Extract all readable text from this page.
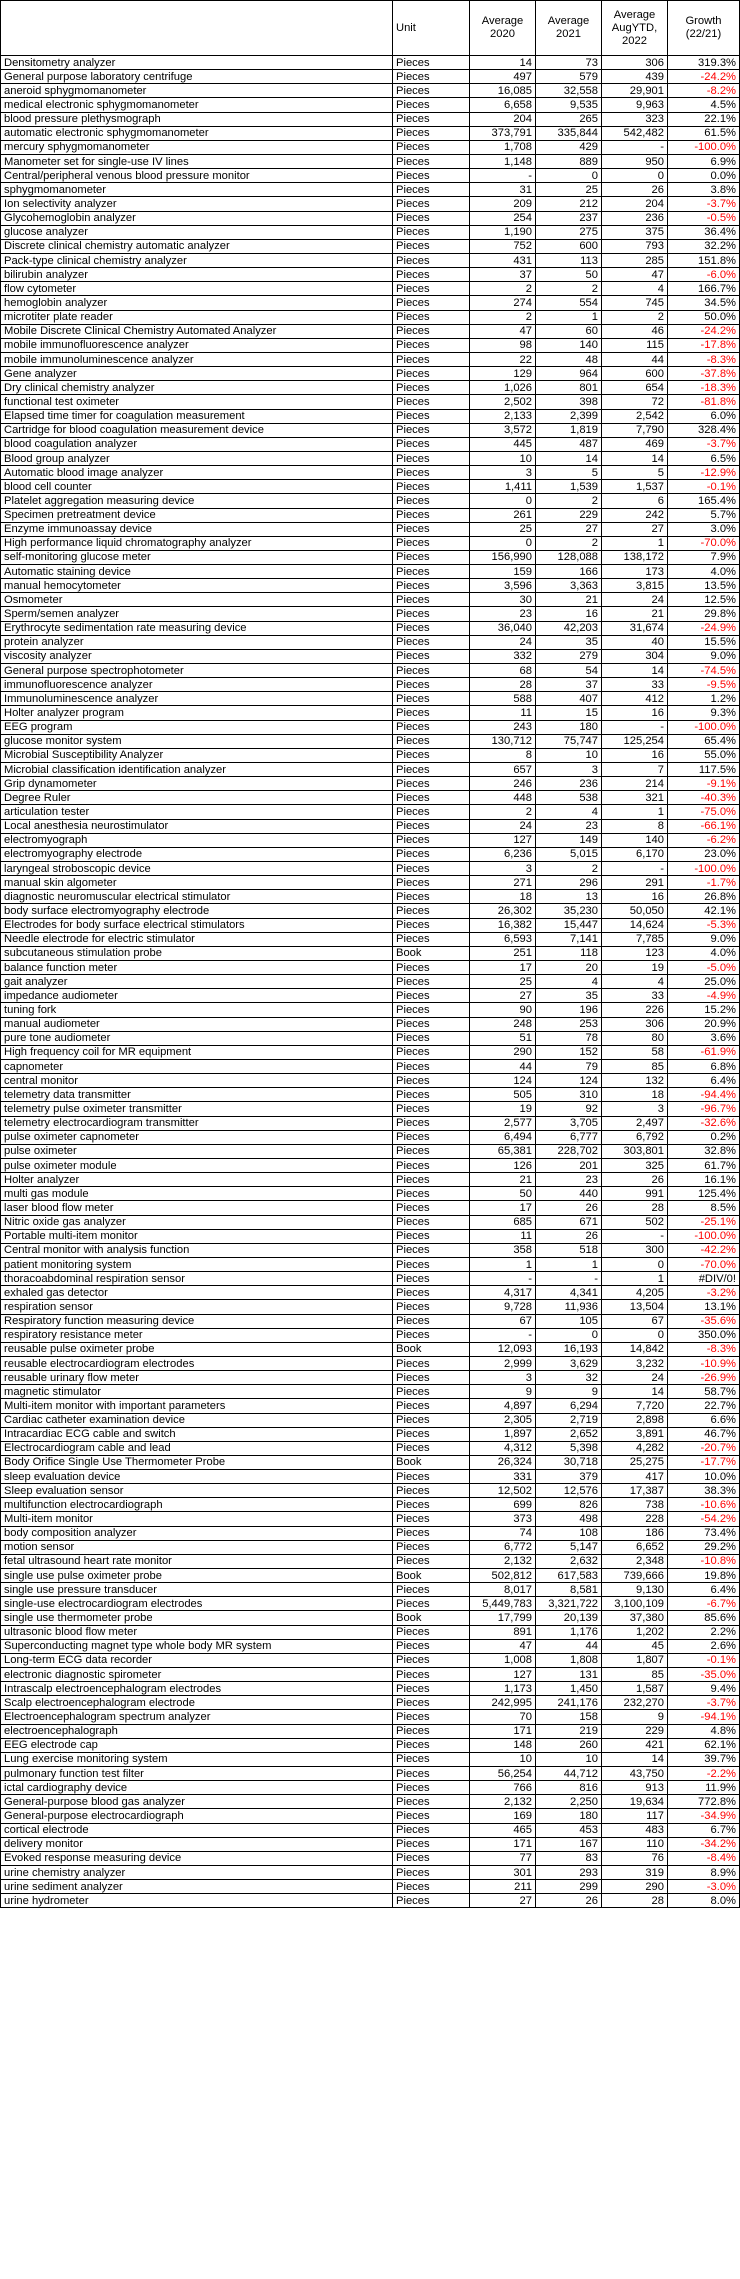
	Unit	Average 2020	Average 2021	Average AugYTD, 2022	Growth (22/21)
Densitometry analyzer	Pieces	14	73	306	319.3%
General purpose laboratory centrifuge	Pieces	497	579	439	-24.2%
aneroid sphygmomanometer	Pieces	16,085	32,558	29,901	-8.2%
medical electronic sphygmomanometer	Pieces	6,658	9,535	9,963	4.5%
blood pressure plethysmograph	Pieces	204	265	323	22.1%
automatic electronic sphygmomanometer	Pieces	373,791	335,844	542,482	61.5%
mercury sphygmomanometer	Pieces	1,708	429	-	-100.0%
Manometer set for single-use IV lines	Pieces	1,148	889	950	6.9%
Central/peripheral venous blood pressure monitor	Pieces	-	0	0	0.0%
sphygmomanometer	Pieces	31	25	26	3.8%
Ion selectivity analyzer	Pieces	209	212	204	-3.7%
Glycohemoglobin analyzer	Pieces	254	237	236	-0.5%
glucose analyzer	Pieces	1,190	275	375	36.4%
Discrete clinical chemistry automatic analyzer	Pieces	752	600	793	32.2%
Pack-type clinical chemistry analyzer	Pieces	431	113	285	151.8%
bilirubin analyzer	Pieces	37	50	47	-6.0%
flow cytometer	Pieces	2	2	4	166.7%
hemoglobin analyzer	Pieces	274	554	745	34.5%
microtiter plate reader	Pieces	2	1	2	50.0%
Mobile Discrete Clinical Chemistry Automated Analyzer	Pieces	47	60	46	-24.2%
mobile immunofluorescence analyzer	Pieces	98	140	115	-17.8%
mobile immunoluminescence analyzer	Pieces	22	48	44	-8.3%
Gene analyzer	Pieces	129	964	600	-37.8%
Dry clinical chemistry analyzer	Pieces	1,026	801	654	-18.3%
functional test oximeter	Pieces	2,502	398	72	-81.8%
Elapsed time timer for coagulation measurement	Pieces	2,133	2,399	2,542	6.0%
Cartridge for blood coagulation measurement device	Pieces	3,572	1,819	7,790	328.4%
blood coagulation analyzer	Pieces	445	487	469	-3.7%
Blood group analyzer	Pieces	10	14	14	6.5%
Automatic blood image analyzer	Pieces	3	5	5	-12.9%
blood cell counter	Pieces	1,411	1,539	1,537	-0.1%
Platelet aggregation measuring device	Pieces	0	2	6	165.4%
Specimen pretreatment device	Pieces	261	229	242	5.7%
Enzyme immunoassay device	Pieces	25	27	27	3.0%
High performance liquid chromatography analyzer	Pieces	0	2	1	-70.0%
self-monitoring glucose meter	Pieces	156,990	128,088	138,172	7.9%
Automatic staining device	Pieces	159	166	173	4.0%
manual hemocytometer	Pieces	3,596	3,363	3,815	13.5%
Osmometer	Pieces	30	21	24	12.5%
Sperm/semen analyzer	Pieces	23	16	21	29.8%
Erythrocyte sedimentation rate measuring device	Pieces	36,040	42,203	31,674	-24.9%
protein analyzer	Pieces	24	35	40	15.5%
viscosity analyzer	Pieces	332	279	304	9.0%
General purpose spectrophotometer	Pieces	68	54	14	-74.5%
immunofluorescence analyzer	Pieces	28	37	33	-9.5%
Immunoluminescence analyzer	Pieces	588	407	412	1.2%
Holter analyzer program	Pieces	11	15	16	9.3%
EEG program	Pieces	243	180	-	-100.0%
glucose monitor system	Pieces	130,712	75,747	125,254	65.4%
Microbial Susceptibility Analyzer	Pieces	8	10	16	55.0%
Microbial classification identification analyzer	Pieces	657	3	7	117.5%
Grip dynamometer	Pieces	246	236	214	-9.1%
Degree Ruler	Pieces	448	538	321	-40.3%
articulation tester	Pieces	2	4	1	-75.0%
Local anesthesia neurostimulator	Pieces	24	23	8	-66.1%
electromyograph	Pieces	127	149	140	-6.2%
electromyography electrode	Pieces	6,236	5,015	6,170	23.0%
laryngeal stroboscopic device	Pieces	3	2	-	-100.0%
manual skin algometer	Pieces	271	296	291	-1.7%
diagnostic neuromuscular electrical stimulator	Pieces	18	13	16	26.8%
body surface electromyography electrode	Pieces	26,302	35,230	50,050	42.1%
Electrodes for body surface electrical stimulators	Pieces	16,382	15,447	14,624	-5.3%
Needle electrode for electric stimulator	Pieces	6,593	7,141	7,785	9.0%
subcutaneous stimulation probe	Book	251	118	123	4.0%
balance function meter	Pieces	17	20	19	-5.0%
gait analyzer	Pieces	25	4	4	25.0%
impedance audiometer	Pieces	27	35	33	-4.9%
tuning fork	Pieces	90	196	226	15.2%
manual audiometer	Pieces	248	253	306	20.9%
pure tone audiometer	Pieces	51	78	80	3.6%
High frequency coil for MR equipment	Pieces	290	152	58	-61.9%
capnometer	Pieces	44	79	85	6.8%
central monitor	Pieces	124	124	132	6.4%
telemetry data transmitter	Pieces	505	310	18	-94.4%
telemetry pulse oximeter transmitter	Pieces	19	92	3	-96.7%
telemetry electrocardiogram transmitter	Pieces	2,577	3,705	2,497	-32.6%
pulse oximeter capnometer	Pieces	6,494	6,777	6,792	0.2%
pulse oximeter	Pieces	65,381	228,702	303,801	32.8%
pulse oximeter module	Pieces	126	201	325	61.7%
Holter analyzer	Pieces	21	23	26	16.1%
multi gas module	Pieces	50	440	991	125.4%
laser blood flow meter	Pieces	17	26	28	8.5%
Nitric oxide gas analyzer	Pieces	685	671	502	-25.1%
Portable multi-item monitor	Pieces	11	26	-	-100.0%
Central monitor with analysis function	Pieces	358	518	300	-42.2%
patient monitoring system	Pieces	1	1	0	-70.0%
thoracoabdominal respiration sensor	Pieces	-	-	1	#DIV/0!
exhaled gas detector	Pieces	4,317	4,341	4,205	-3.2%
respiration sensor	Pieces	9,728	11,936	13,504	13.1%
Respiratory function measuring device	Pieces	67	105	67	-35.6%
respiratory resistance meter	Pieces	-	0	0	350.0%
reusable pulse oximeter probe	Book	12,093	16,193	14,842	-8.3%
reusable electrocardiogram electrodes	Pieces	2,999	3,629	3,232	-10.9%
reusable urinary flow meter	Pieces	3	32	24	-26.9%
magnetic stimulator	Pieces	9	9	14	58.7%
Multi-item monitor with important parameters	Pieces	4,897	6,294	7,720	22.7%
Cardiac catheter examination device	Pieces	2,305	2,719	2,898	6.6%
Intracardiac ECG cable and switch	Pieces	1,897	2,652	3,891	46.7%
Electrocardiogram cable and lead	Pieces	4,312	5,398	4,282	-20.7%
Body Orifice Single Use Thermometer Probe	Book	26,324	30,718	25,275	-17.7%
sleep evaluation device	Pieces	331	379	417	10.0%
Sleep evaluation sensor	Pieces	12,502	12,576	17,387	38.3%
multifunction electrocardiograph	Pieces	699	826	738	-10.6%
Multi-item monitor	Pieces	373	498	228	-54.2%
body composition analyzer	Pieces	74	108	186	73.4%
motion sensor	Pieces	6,772	5,147	6,652	29.2%
fetal ultrasound heart rate monitor	Pieces	2,132	2,632	2,348	-10.8%
single use pulse oximeter probe	Book	502,812	617,583	739,666	19.8%
single use pressure transducer	Pieces	8,017	8,581	9,130	6.4%
single-use electrocardiogram electrodes	Pieces	5,449,783	3,321,722	3,100,109	-6.7%
single use thermometer probe	Book	17,799	20,139	37,380	85.6%
ultrasonic blood flow meter	Pieces	891	1,176	1,202	2.2%
Superconducting magnet type whole body MR system	Pieces	47	44	45	2.6%
Long-term ECG data recorder	Pieces	1,008	1,808	1,807	-0.1%
electronic diagnostic spirometer	Pieces	127	131	85	-35.0%
Intrascalp electroencephalogram electrodes	Pieces	1,173	1,450	1,587	9.4%
Scalp electroencephalogram electrode	Pieces	242,995	241,176	232,270	-3.7%
Electroencephalogram spectrum analyzer	Pieces	70	158	9	-94.1%
electroencephalograph	Pieces	171	219	229	4.8%
EEG electrode cap	Pieces	148	260	421	62.1%
Lung exercise monitoring system	Pieces	10	10	14	39.7%
pulmonary function test filter	Pieces	56,254	44,712	43,750	-2.2%
ictal cardiography device	Pieces	766	816	913	11.9%
General-purpose blood gas analyzer	Pieces	2,132	2,250	19,634	772.8%
General-purpose electrocardiograph	Pieces	169	180	117	-34.9%
cortical electrode	Pieces	465	453	483	6.7%
delivery monitor	Pieces	171	167	110	-34.2%
Evoked response measuring device	Pieces	77	83	76	-8.4%
urine chemistry analyzer	Pieces	301	293	319	8.9%
urine sediment analyzer	Pieces	211	299	290	-3.0%
urine hydrometer	Pieces	27	26	28	8.0%
